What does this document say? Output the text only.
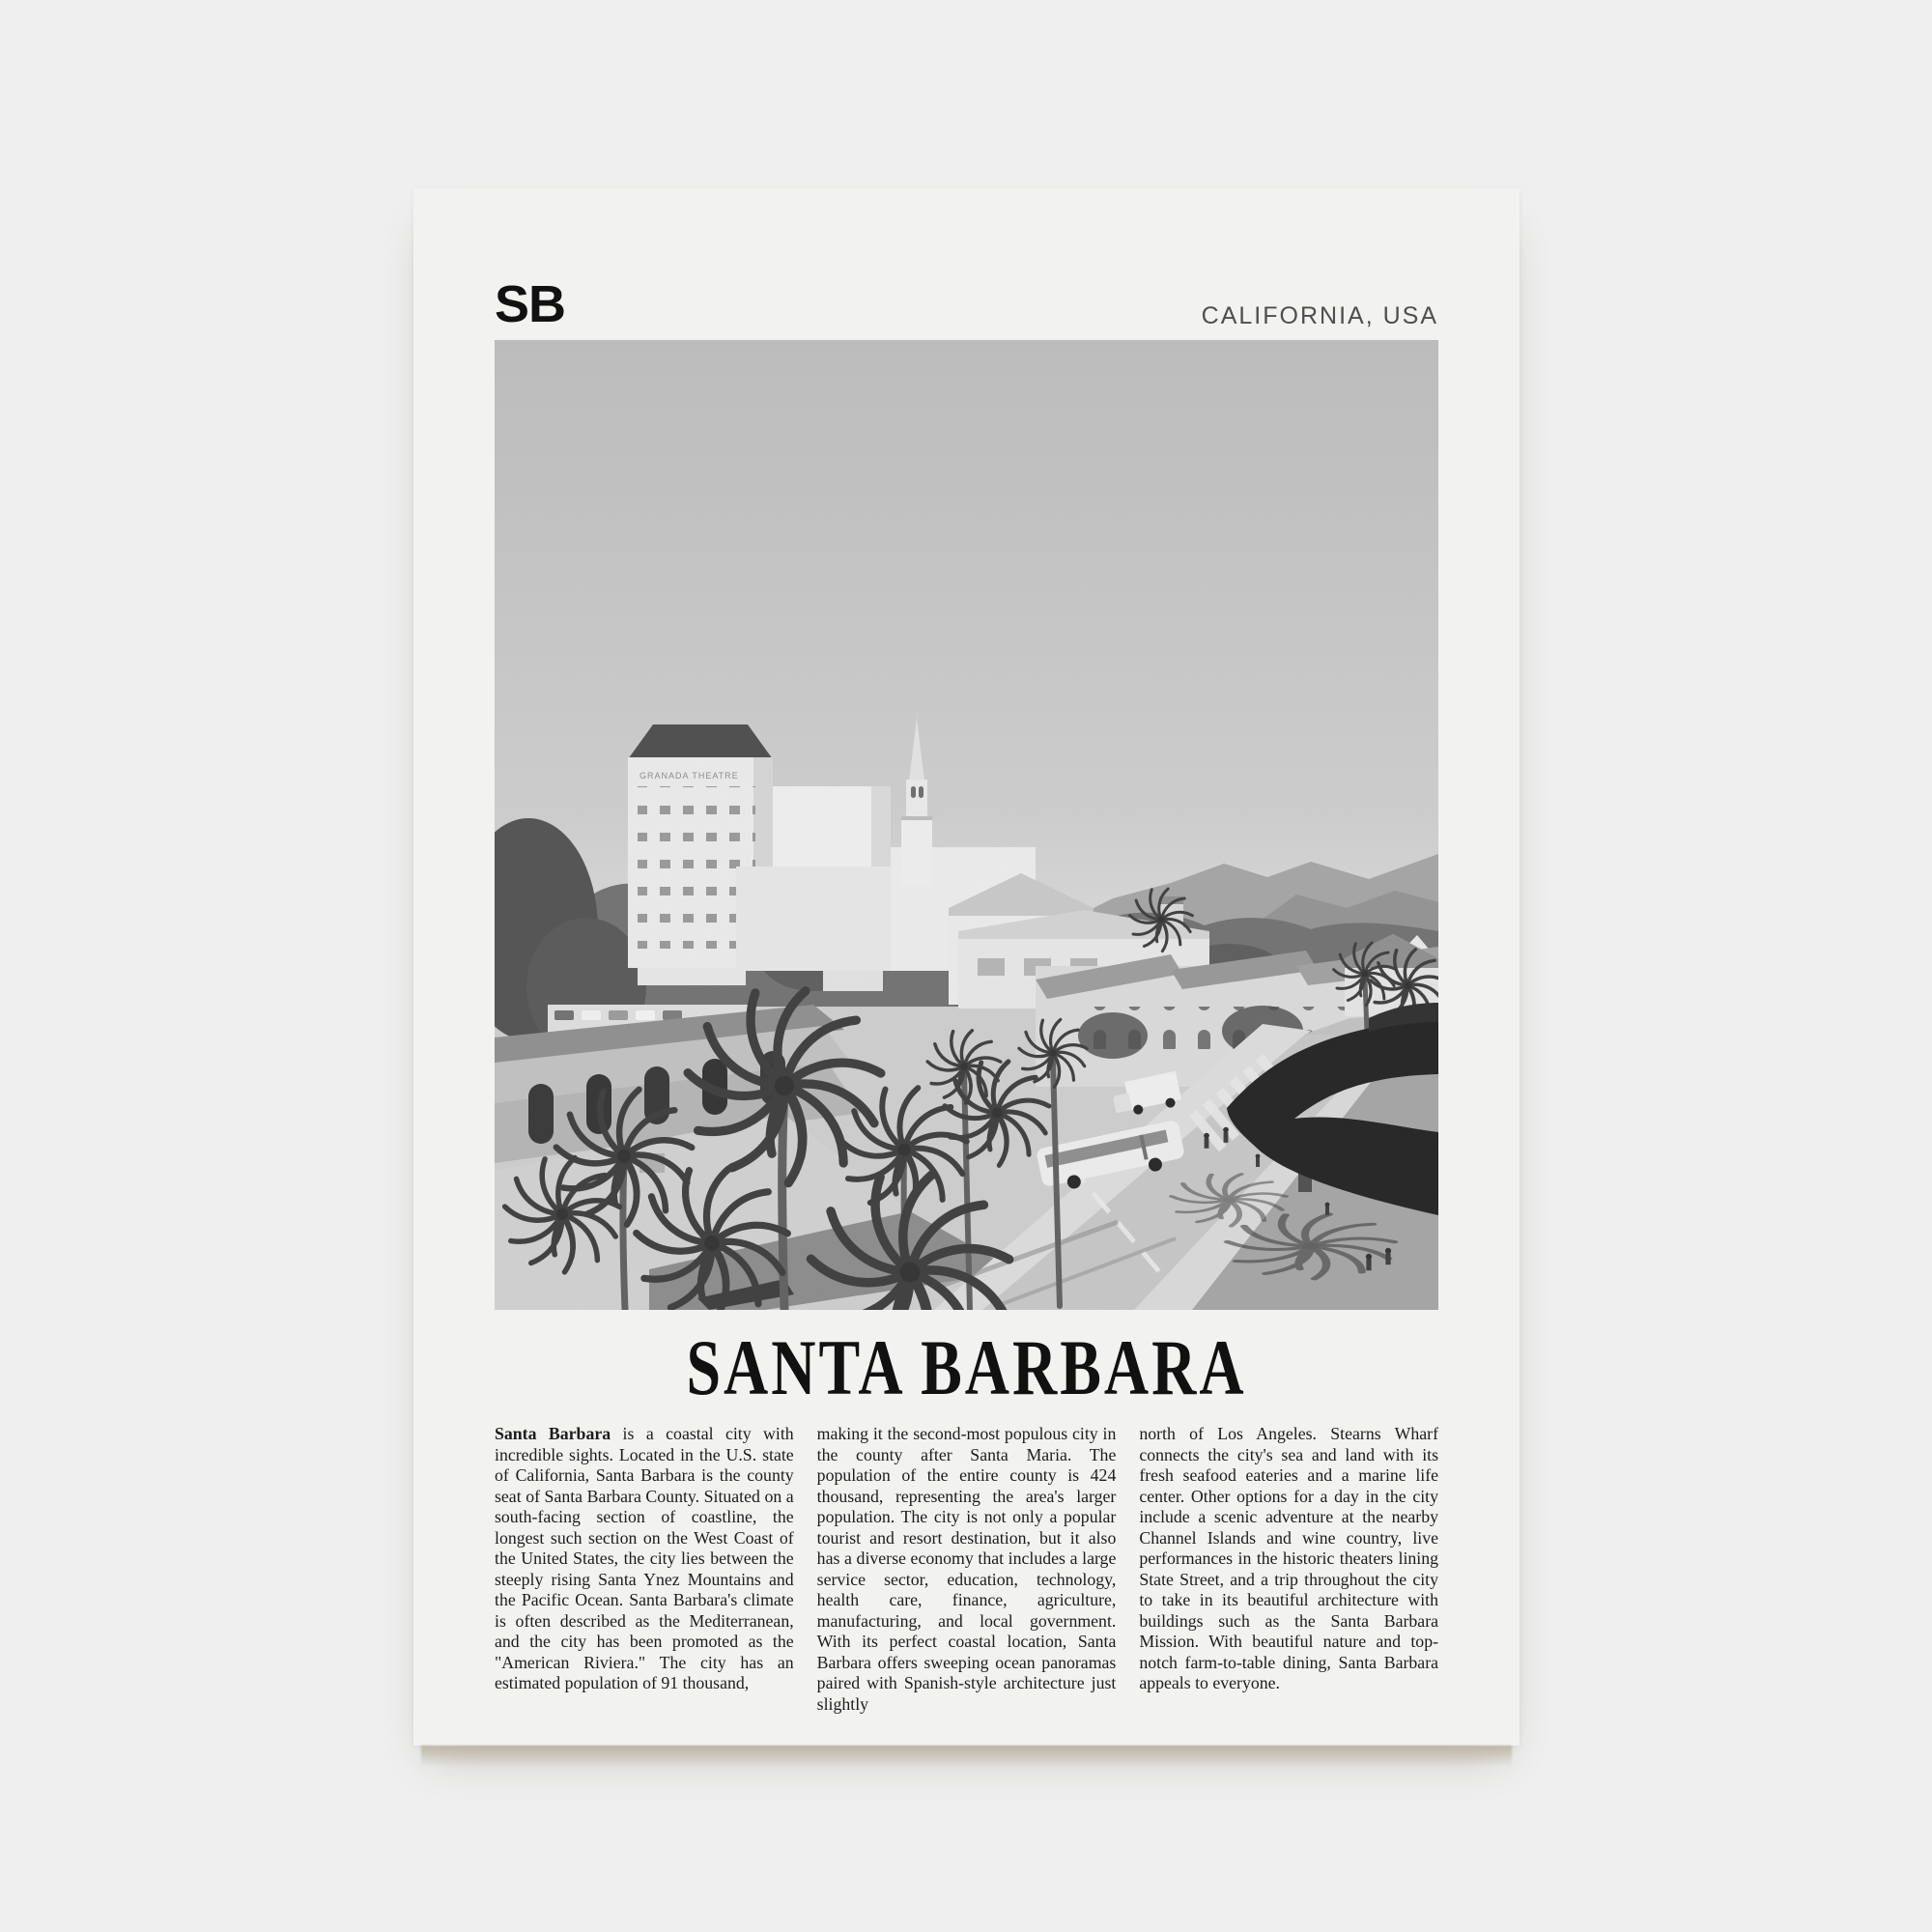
SB	CALIFORNIA, USA
GRANADA THEATRE
SANTA BARBARA

Santa Barbara is a coastal city with incredible sights. Located in the U.S. state of California, Santa Barbara is the county seat of Santa Barbara County. Situated on a south-facing section of coastline, the longest such section on the West Coast of the United States, the city lies between the steeply rising Santa Ynez Mountains and the Pacific Ocean. Santa Barbara's climate is often described as the Mediterranean, and the city has been promoted as the "American Riviera." The city has an estimated population of 91 thousand,

making it the second-most populous city in the county after Santa Maria. The population of the entire county is 424 thousand, representing the area's larger population. The city is not only a popular tourist and resort destination, but it also has a diverse economy that includes a large service sector, education, technology, health care, finance, agriculture, manufacturing, and local government. With its perfect coastal location, Santa Barbara offers sweeping ocean panoramas paired with Spanish-style architecture just slightly

north of Los Angeles. Stearns Wharf connects the city's sea and land with its fresh seafood eateries and a marine life center. Other options for a day in the city include a scenic adventure at the nearby Channel Islands and wine country, live performances in the historic theaters lining State Street, and a trip throughout the city to take in its beautiful architecture with buildings such as the Santa Barbara Mission. With beautiful nature and top-notch farm-to-table dining, Santa Barbara appeals to everyone.
